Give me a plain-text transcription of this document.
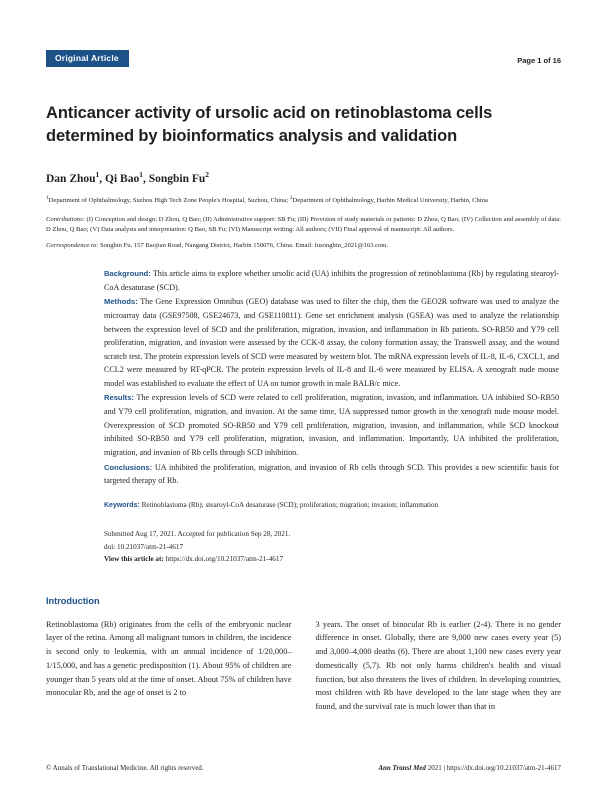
Original Article	Page 1 of 16
Anticancer activity of ursolic acid on retinoblastoma cells determined by bioinformatics analysis and validation
Dan Zhou$^1$, Qi Bao$^1$, Songbin Fu$^2$
$^1$Department of Ophthalmology, Suzhou High Tech Zone People's Hospital, Suzhou, China; $^2$Department of Ophthalmology, Harbin Medical University, Harbin, China
Contributions: (I) Conception and design: D Zhou, Q Bao; (II) Administrative support: SB Fu; (III) Provision of study materials or patients: D Zhou, Q Bao; (IV) Collection and assembly of data: D Zhou, Q Bao; (V) Data analysis and interpretation: Q Bao, SB Fu; (VI) Manuscript writing: All authors; (VII) Final approval of manuscript: All authors.
Correspondence to: Songbin Fu. 157 Baojian Road, Nangang District, Harbin 150076, China. Email: fusongbin_2021@163.com.

Background: This article aims to explore whether ursolic acid (UA) inhibits the progression of retinoblastoma (Rb) by regulating stearoyl-CoA desaturase (SCD).

Methods: The Gene Expression Omnibus (GEO) database was used to filter the chip, then the GEO2R software was used to analyze the microarray data (GSE97508, GSE24673, and GSE110811). Gene set enrichment analysis (GSEA) was used to analyze the relationship between the expression level of SCD and the proliferation, migration, invasion, and inflammation in Rb patients. SO-RB50 and Y79 cell proliferation, migration, and invasion were assessed by the CCK-8 assay, the colony formation assay, the Transwell assay, and the wound scratch test. The protein expression levels of SCD were measured by western blot. The mRNA expression levels of IL-8, IL-6, CXCL1, and CCL2 were measured by RT-qPCR. The protein expression levels of IL-8 and IL-6 were measured by ELISA. A xenograft nude mouse model was established to evaluate the effect of UA on tumor growth in male BALB/c mice.

Results: The expression levels of SCD were related to cell proliferation, migration, invasion, and inflammation. UA inhibited SO-RB50 and Y79 cell proliferation, migration, and invasion. At the same time, UA suppressed tumor growth in the xenograft nude mouse model. Overexpression of SCD promoted SO-RB50 and Y79 cell proliferation, migration, invasion, and inflammation, while SCD knockout inhibited SO-RB50 and Y79 cell proliferation, migration, invasion, and inflammation. Importantly, UA inhibited the proliferation, migration, and invasion of Rb cells through SCD inhibition.

Conclusions: UA inhibited the proliferation, migration, and invasion of Rb cells through SCD. This provides a new scientific basis for targeted therapy of Rb.

Keywords: Retinoblastoma (Rb); stearoyl-CoA desaturase (SCD); proliferation; migration; invasion; inflammation

Submitted Aug 17, 2021. Accepted for publication Sep 28, 2021.
doi: 10.21037/atm-21-4617
View this article at: https://dx.doi.org/10.21037/atm-21-4617
Introduction

Retinoblastoma (Rb) originates from the cells of the embryonic nuclear layer of the retina. Among all malignant tumors in children, the incidence is second only to leukemia, with an annual incidence of 1/20,000–1/15,000, and has a genetic predisposition (1). About 95% of children are younger than 5 years old at the time of onset. About 75% of children have monocular Rb, and the age of onset is 2 to

3 years. The onset of binocular Rb is earlier (2-4). There is no gender difference in onset. Globally, there are 9,000 new cases every year (5) and 3,000–4,000 deaths (6). There are about 1,100 new cases every year domestically (5,7). Rb not only harms children's health and visual function, but also threatens the lives of children. In developing countries, most children with Rb have developed to the late stage when they are found, and the survival rate is much lower than that in

© Annals of Translational Medicine. All rights reserved.	Ann Transl Med 2021 | https://dx.doi.org/10.21037/atm-21-4617
